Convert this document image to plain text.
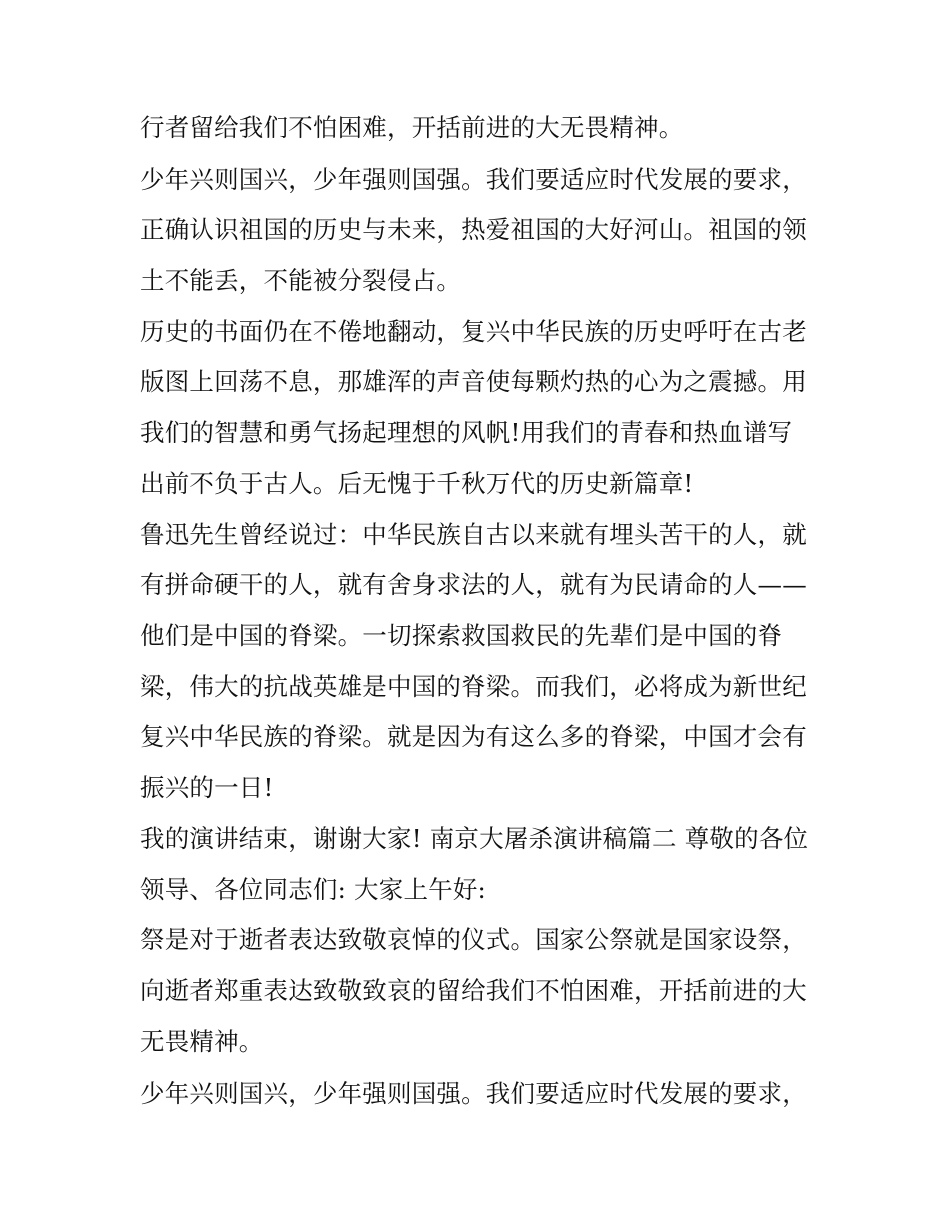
行者留给我们不怕困难，开括前进的大无畏精神。
少年兴则国兴，少年强则国强。我们要适应时代发展的要求，
正确认识祖国的历史与未来，热爱祖国的大好河山。祖国的领
土不能丢，不能被分裂侵占。
历史的书面仍在不倦地翻动，复兴中华民族的历史呼吁在古老
版图上回荡不息，那雄浑的声音使每颗灼热的心为之震撼。用
我们的智慧和勇气扬起理想的风帆!用我们的青春和热血谱写
出前不负于古人。后无愧于千秋万代的历史新篇章!
鲁迅先生曾经说过：中华民族自古以来就有埋头苦干的人，就
有拼命硬干的人，就有舍身求法的人，就有为民请命的人——
他们是中国的脊梁。一切探索救国救民的先辈们是中国的脊
梁，伟大的抗战英雄是中国的脊梁。而我们，必将成为新世纪
复兴中华民族的脊梁。就是因为有这么多的脊梁，中国才会有
振兴的一日!
我的演讲结束，谢谢大家! 南京大屠杀演讲稿篇二 尊敬的各位
领导、各位同志们: 大家上午好:
祭是对于逝者表达致敬哀悼的仪式。国家公祭就是国家设祭，
向逝者郑重表达致敬致哀的留给我们不怕困难，开括前进的大
无畏精神。
少年兴则国兴，少年强则国强。我们要适应时代发展的要求，
